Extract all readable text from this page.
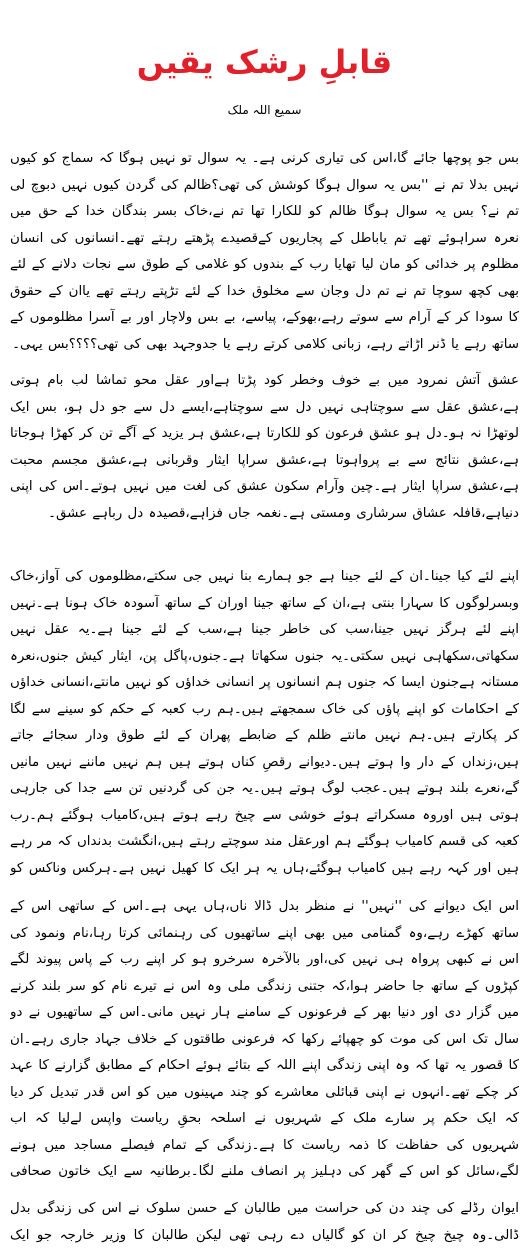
قابلِ رشک یقیں
سمیع اللہ ملک

بس جو پوچھا جائے گا،اس کی تیاری کرنی ہے۔ یہ سوال تو نہیں ہوگا کہ سماج کو کیوں نہیں بدلا تم نے ''بس یہ سوال ہوگا کوشش کی تھی؟ظالم کی گردن کیوں نہیں دبوچ لی تم نے؟ بس یہ سوال ہوگا ظالم کو للکارا تھا تم نے،خاک بسر بندگان خدا کے حق میں نعرہ سراہوئے تھے تم یاباطل کے پجاریوں کےقصیدے پڑھتے رہتے تھے۔انسانوں کی انسان مظلوم پر خدائی کو مان لیا تھایا رب کے بندوں کو غلامی کے طوق سے نجات دلانے کے لئے بھی کچھ سوچا تم نے تم دل وجان سے مخلوق خدا کے لئے تڑپتے رہتے تھے یاان کے حقوق کا سودا کر کے آرام سے سوتے رہے،بھوکے، پیاسے، بے بس ولاچار اور بے آسرا مظلوموں کے ساتھ رہے یا ڈنر اڑاتے رہے، زبانی کلامی کرتے رہے یا جدوجہد بھی کی تھی؟؟؟؟بس یہی۔

عشق آتش نمرود میں بے خوف وخطر کود پڑتا ہےاور عقل محو تماشا لب بام ہوتی ہے،عشق عقل سے سوچتاہی نہیں دل سے سوچتاہے،ایسے دل سے جو دل ہو، بس ایک لوتھڑا نہ ہو۔دل ہو عشق فرعون کو للکارتا ہے،عشق ہر یزید کے آگے تن کر کھڑا ہوجاتا ہے،عشق نتائج سے بے پرواہوتا ہے،عشق سراپا ایثار وقربانی ہے،عشق مجسم محبت ہے،عشق سراپا ایثار ہے۔چین وآرام سکون عشق کی لغت میں نہیں ہوتے۔اس کی اپنی دنیاہے،قافلہ عشاق سرشاری ومستی ہے۔نغمہ جاں فزاہے،قصیدہ دل رباہے عشق۔

اپنے لئے کیا جینا۔ان کے لئے جینا ہے جو ہمارے بنا نہیں جی سکتے،مظلوموں کی آواز،خاک وبسرلوگوں کا سہارا بنتی ہے،ان کے ساتھ جینا اوران کے ساتھ آسودہ خاک ہونا ہے۔نہیں اپنے لئے ہرگز نہیں جینا،سب کی خاطر جینا ہے،سب کے لئے جینا ہے۔یہ عقل نہیں سکھاتی،سکھاہی نہیں سکتی۔یہ جنوں سکھاتا ہے۔جنوں،پاگل پن، ایثار کیش جنوں،نعرہ مستانہ ہےجنون ایسا کہ جنوں ہم انسانوں پر انسانی خداؤں کو نہیں مانتے،انسانی خداؤں کے احکامات کو اپنے پاؤں کی خاک سمجھتے ہیں۔ہم رب کعبہ کے حکم کو سینے سے لگا کر پکارتے ہیں۔ہم نہیں مانتے ظلم کے ضابطے پھران کے لئے طوق ودار سجائے جاتے ہیں،زنداں کے دار وا ہوتے ہیں۔دیوانے رقصِ کناں ہوتے ہیں ہم نہیں ماننے نہیں مانیں گے،نعرے بلند ہوتے ہیں۔عجب لوگ ہوتے ہیں۔یہ جن کی گردنیں تن سے جدا کی جارہی ہوتی ہیں اوروہ مسکراتے ہوئے خوشی سے چیخ رہے ہوتے ہیں،کامیاب ہوگئے ہم۔رب کعبہ کی قسم کامیاب ہوگئے ہم اورعقل مند سوچتے رہتے ہیں،انگشت بدنداں کہ مر رہے ہیں اور کہہ رہے ہیں کامیاب ہوگئے،ہاں یہ ہر ایک کا کھیل نہیں ہے۔ہرکس وناکس کو

اس ایک دیوانے کی ''نہیں'' نے منظر بدل ڈالا ناں،ہاں یہی ہے۔اس کے ساتھی اس کے ساتھ کھڑے رہے،وہ گمنامی میں بھی اپنے ساتھیوں کی رہنمائی کرتا رہا،نام ونمود کی اس نے کبھی پرواہ ہی نہیں کی،اور بالآخرہ سرخرو ہو کر اپنے رب کے پاس پیوند لگے کپڑوں کے ساتھ جا حاضر ہوا،کہ جتنی زندگی ملی وہ اس نے تیرے نام کو سر بلند کرنے میں گزار دی اور دنیا بھر کے فرعونوں کے سامنے ہار نہیں مانی۔اس کے ساتھیوں نے دو سال تک اس کی موت کو چھپائے رکھا کہ فرعونی طاقتوں کے خلاف جہاد جاری رہے۔ان کا قصور یہ تھا کہ وہ اپنی زندگی اپنے اللہ کے بتائے ہوئے احکام کے مطابق گزارنے کا عہد کر چکے تھے۔انہوں نے اپنی قبائلی معاشرے کو چند مہینوں میں کو اس قدر تبدیل کر دیا کہ ایک حکم پر سارے ملک کے شہریوں نے اسلحہ بحقِ ریاست واپس لےلیا کہ اب شہریوں کی حفاظت کا ذمہ ریاست کا ہے۔زندگی کے تمام فیصلے مساجد میں ہونے لگے،سائل کو اس کے گھر کی دہلیز پر انصاف ملنے لگا۔برطانیہ سے ایک خاتون صحافی

ایوان رڈلے کی چند دن کی حراست میں طالبان کے حسن سلوک نے اس کی زندگی بدل ڈالی۔وہ چیخ چیخ کر ان کو گالیاں دے رہی تھی لیکن طالبان کا وزیر خارجہ جو ایک
